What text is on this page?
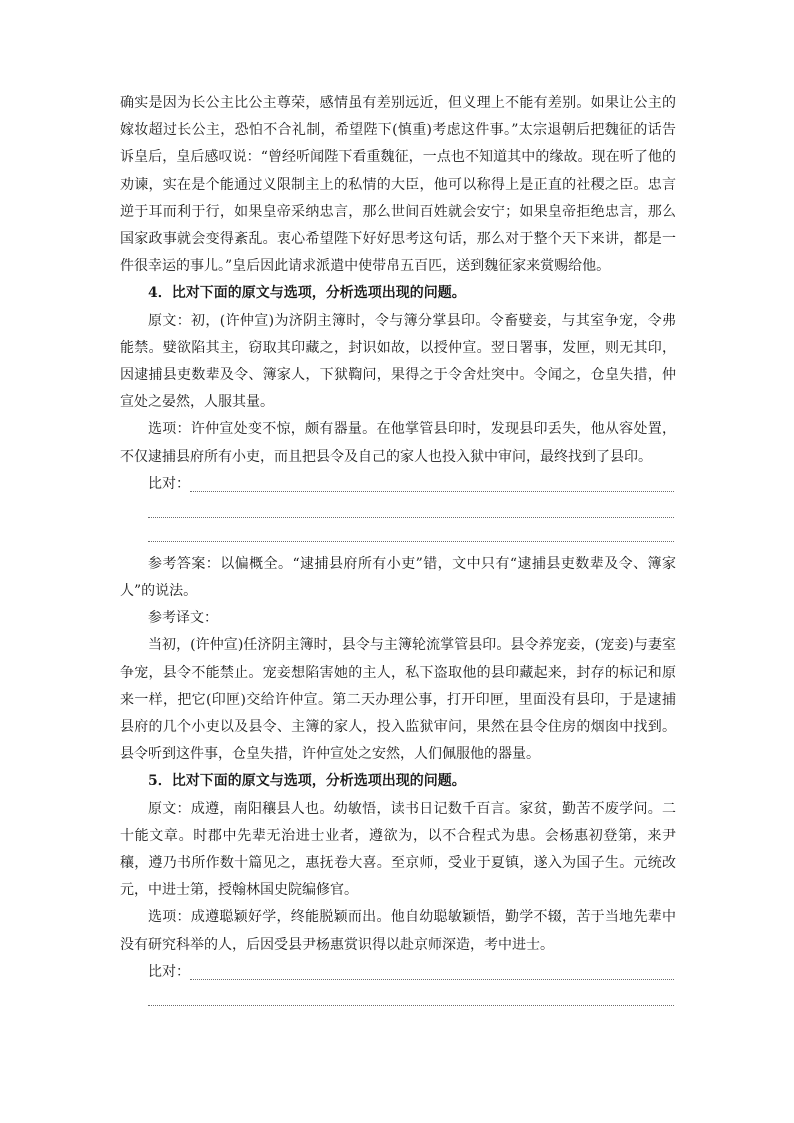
确实是因为长公主比公主尊荣，感情虽有差别远近，但义理上不能有差别。如果让公主的嫁妆超过长公主，恐怕不合礼制，希望陛下(慎重)考虑这件事。”太宗退朝后把魏征的话告诉皇后，皇后感叹说：“曾经听闻陛下看重魏征，一点也不知道其中的缘故。现在听了他的劝谏，实在是个能通过义限制主上的私情的大臣，他可以称得上是正直的社稷之臣。忠言逆于耳而利于行，如果皇帝采纳忠言，那么世间百姓就会安宁；如果皇帝拒绝忠言，那么国家政事就会变得紊乱。衷心希望陛下好好思考这句话，那么对于整个天下来讲，都是一件很幸运的事儿。”皇后因此请求派遣中使带帛五百匹，送到魏征家来赏赐给他。

4．比对下面的原文与选项，分析选项出现的问题。

原文：初，(许仲宣)为济阴主簿时，令与簿分掌县印。令畜嬖妾，与其室争宠，令弗能禁。嬖欲陷其主，窃取其印藏之，封识如故，以授仲宣。翌日署事，发匣，则无其印，因逮捕县吏数辈及令、簿家人，下狱鞫问，果得之于令舍灶突中。令闻之，仓皇失措，仲宣处之晏然，人服其量。

选项：许仲宣处变不惊，颇有器量。在他掌管县印时，发现县印丢失，他从容处置，不仅逮捕县府所有小吏，而且把县令及自己的家人也投入狱中审问，最终找到了县印。

比对：

参考答案：以偏概全。“逮捕县府所有小吏”错，文中只有“逮捕县吏数辈及令、簿家人”的说法。

参考译文：

当初，(许仲宣)任济阴主簿时，县令与主簿轮流掌管县印。县令养宠妾，(宠妾)与妻室争宠，县令不能禁止。宠妾想陷害她的主人，私下盗取他的县印藏起来，封存的标记和原来一样，把它(印匣)交给许仲宣。第二天办理公事，打开印匣，里面没有县印，于是逮捕县府的几个小吏以及县令、主簿的家人，投入监狱审问，果然在县令住房的烟囱中找到。县令听到这件事，仓皇失措，许仲宣处之安然，人们佩服他的器量。

5．比对下面的原文与选项，分析选项出现的问题。

原文：成遵，南阳穰县人也。幼敏悟，读书日记数千百言。家贫，勤苦不废学问。二十能文章。时郡中先辈无治进士业者，遵欲为，以不合程式为患。会杨惠初登第，来尹穰，遵乃书所作数十篇见之，惠抚卷大喜。至京师，受业于夏镇，遂入为国子生。元统改元，中进士第，授翰林国史院编修官。

选项：成遵聪颖好学，终能脱颖而出。他自幼聪敏颖悟，勤学不辍，苦于当地先辈中没有研究科举的人，后因受县尹杨惠赏识得以赴京师深造，考中进士。

比对：
